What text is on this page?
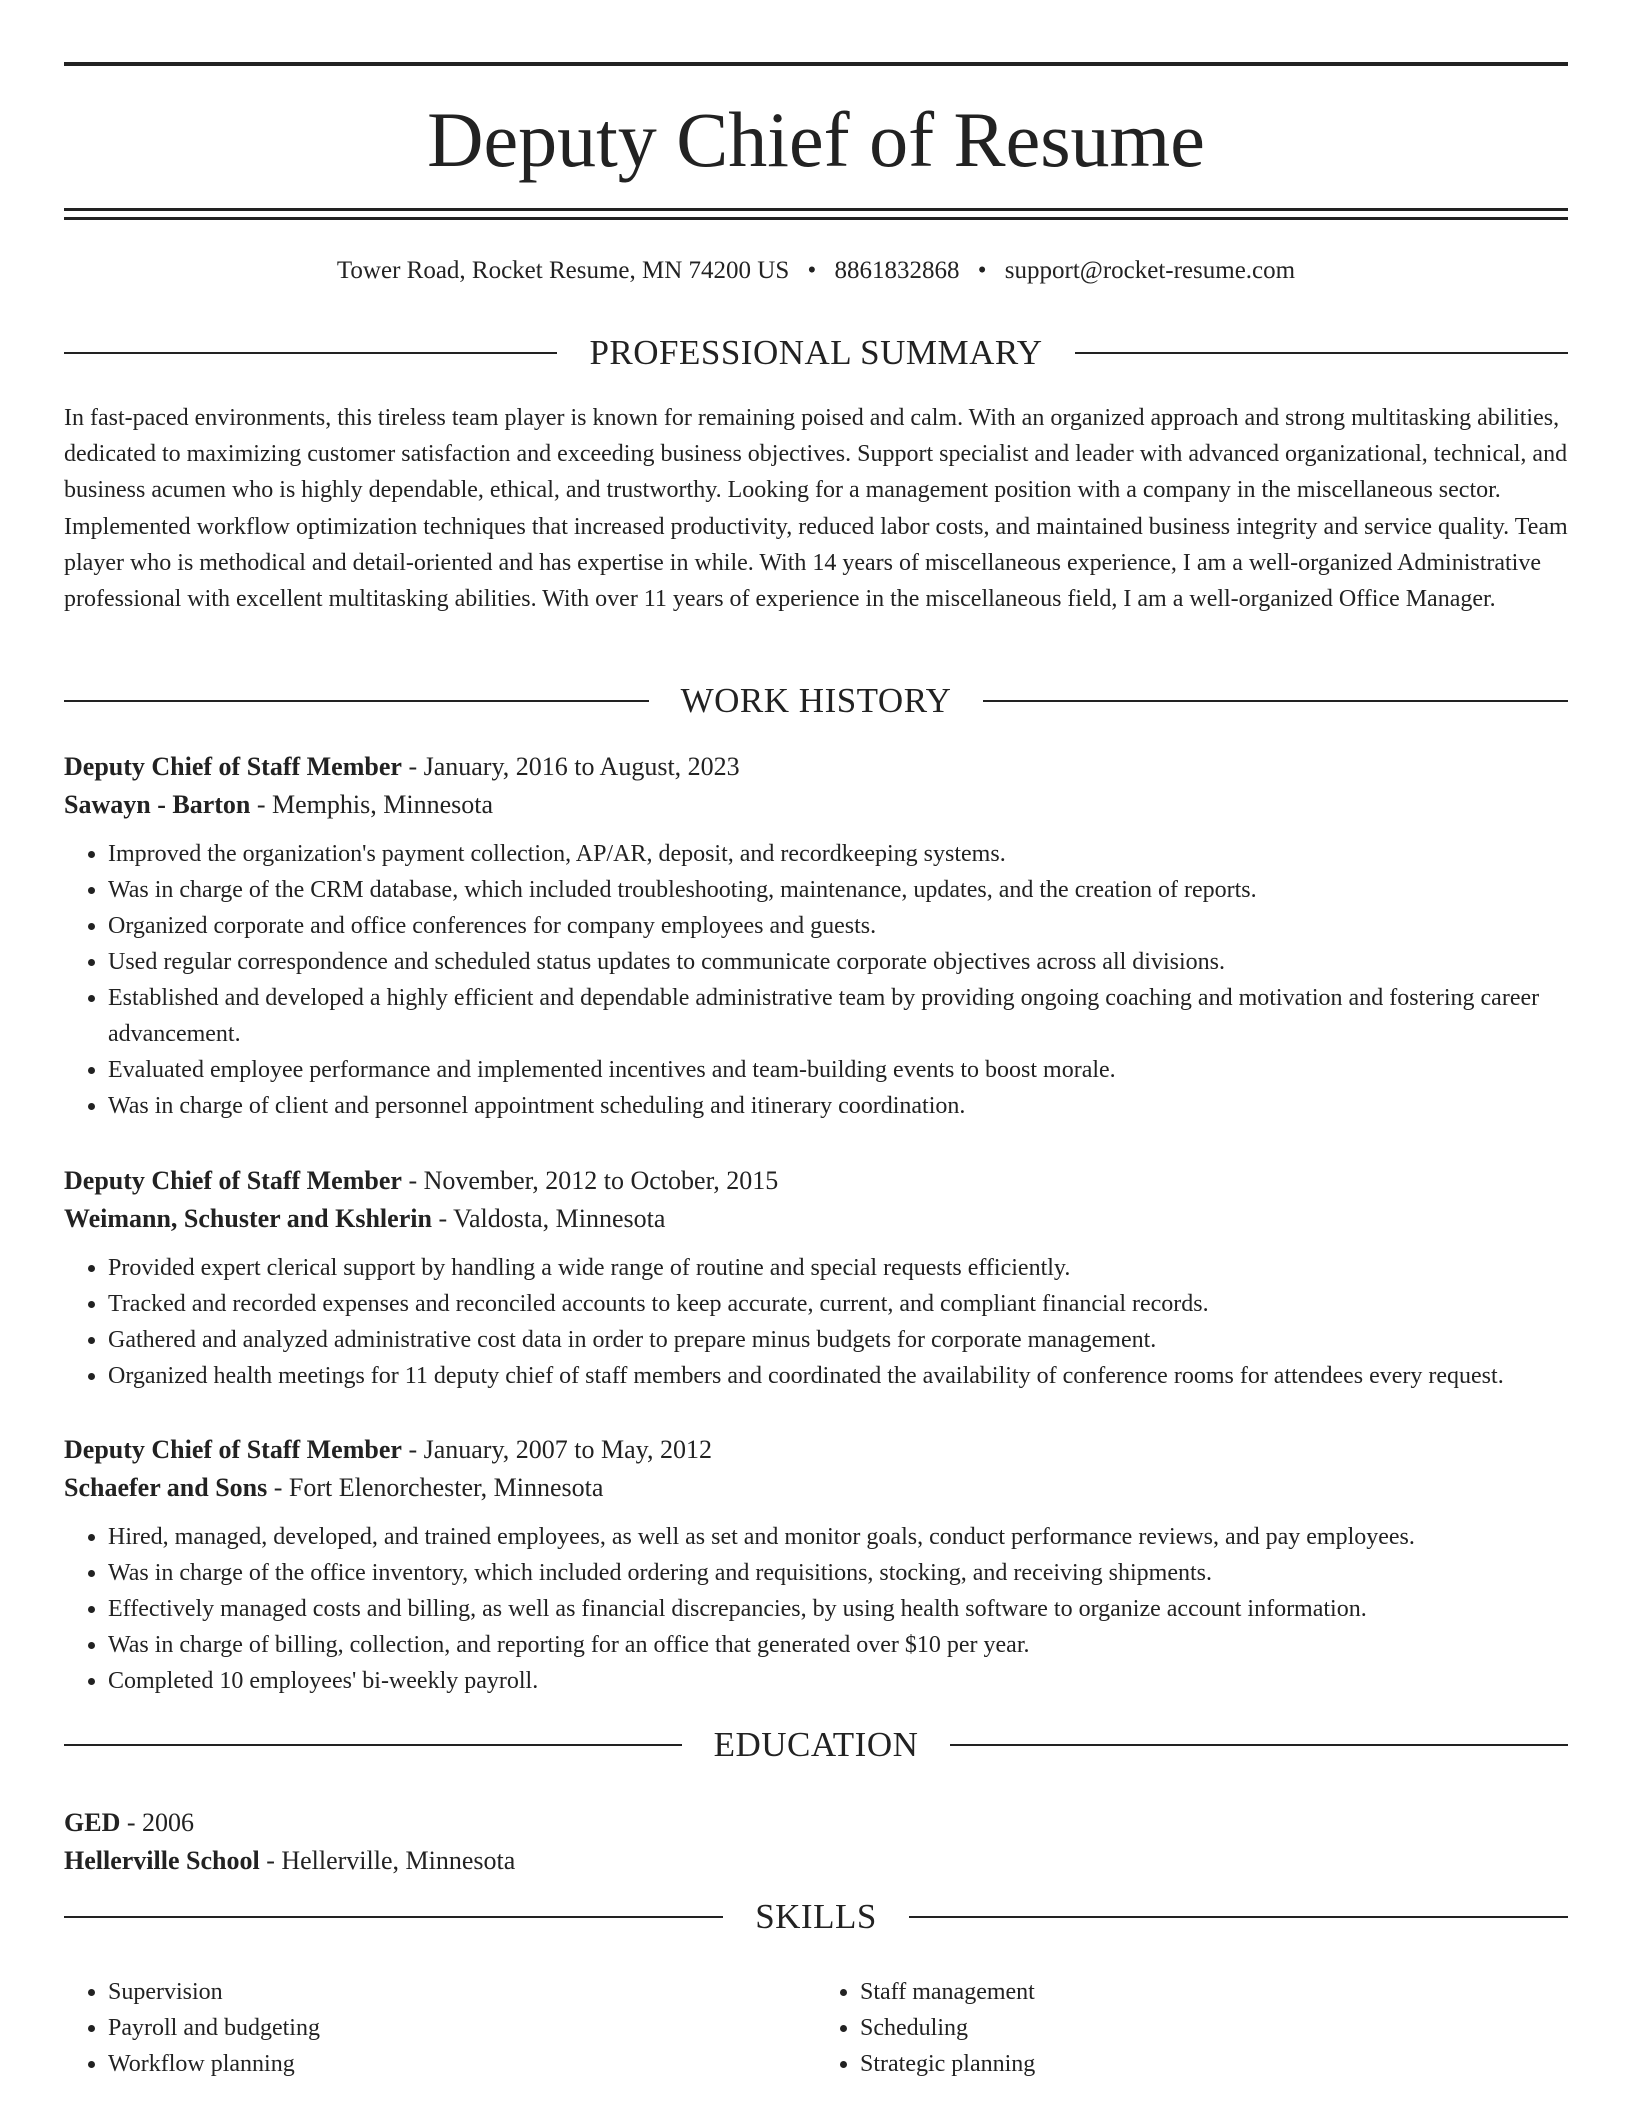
Deputy Chief of Resume
Tower Road, Rocket Resume, MN 74200 US • 8861832868 • support@rocket-resume.com
PROFESSIONAL SUMMARY

In fast-paced environments, this tireless team player is known for remaining poised and calm. With an organized approach and strong multitasking abilities, dedicated to maximizing customer satisfaction and exceeding business objectives. Support specialist and leader with advanced organizational, technical, and business acumen who is highly dependable, ethical, and trustworthy. Looking for a management position with a company in the miscellaneous sector. Implemented workflow optimization techniques that increased productivity, reduced labor costs, and maintained business integrity and service quality. Team player who is methodical and detail-oriented and has expertise in while. With 14 years of miscellaneous experience, I am a well-organized Administrative professional with excellent multitasking abilities. With over 11 years of experience in the miscellaneous field, I am a well-organized Office Manager.

WORK HISTORY
Deputy Chief of Staff Member - January, 2016 to August, 2023
Sawayn - Barton - Memphis, Minnesota
• Improved the organization's payment collection, AP/AR, deposit, and recordkeeping systems.
• Was in charge of the CRM database, which included troubleshooting, maintenance, updates, and the creation of reports.
• Organized corporate and office conferences for company employees and guests.
• Used regular correspondence and scheduled status updates to communicate corporate objectives across all divisions.
• Established and developed a highly efficient and dependable administrative team by providing ongoing coaching and motivation and fostering career advancement.
• Evaluated employee performance and implemented incentives and team-building events to boost morale.
• Was in charge of client and personnel appointment scheduling and itinerary coordination.
Deputy Chief of Staff Member - November, 2012 to October, 2015
Weimann, Schuster and Kshlerin - Valdosta, Minnesota
• Provided expert clerical support by handling a wide range of routine and special requests efficiently.
• Tracked and recorded expenses and reconciled accounts to keep accurate, current, and compliant financial records.
• Gathered and analyzed administrative cost data in order to prepare minus budgets for corporate management.
• Organized health meetings for 11 deputy chief of staff members and coordinated the availability of conference rooms for attendees every request.
Deputy Chief of Staff Member - January, 2007 to May, 2012
Schaefer and Sons - Fort Elenorchester, Minnesota
• Hired, managed, developed, and trained employees, as well as set and monitor goals, conduct performance reviews, and pay employees.
• Was in charge of the office inventory, which included ordering and requisitions, stocking, and receiving shipments.
• Effectively managed costs and billing, as well as financial discrepancies, by using health software to organize account information.
• Was in charge of billing, collection, and reporting for an office that generated over $10 per year.
• Completed 10 employees' bi-weekly payroll.
EDUCATION
GED - 2006
Hellerville School - Hellerville, Minnesota
SKILLS
• Supervision
• Payroll and budgeting
• Workflow planning
• Staff management
• Scheduling
• Strategic planning
